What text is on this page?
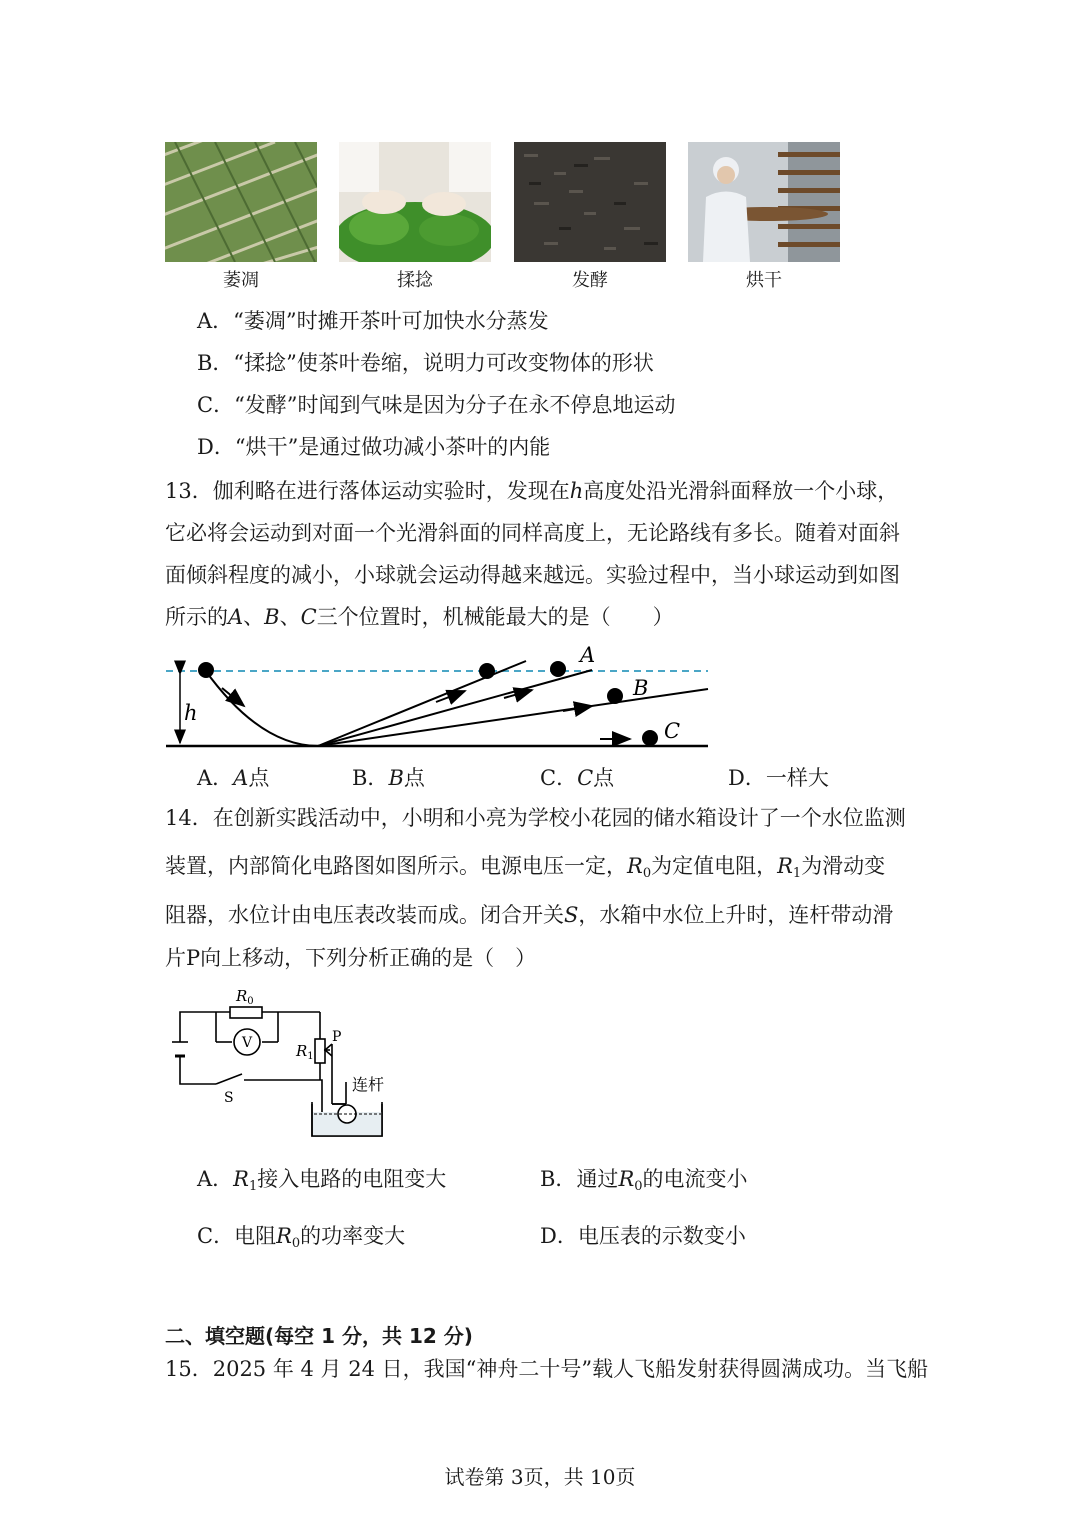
萎凋	揉捻	发酵	烘干
A．“萎凋”时摊开茶叶可加快水分蒸发
B．“揉捻”使茶叶卷缩，说明力可改变物体的形状
C．“发酵”时闻到气味是因为分子在永不停息地运动
D．“烘干”是通过做功减小茶叶的内能
13．伽利略在进行落体运动实验时，发现在h高度处沿光滑斜面释放一个小球，
它必将会运动到对面一个光滑斜面的同样高度上，无论路线有多长。随着对面斜
面倾斜程度的减小，小球就会运动得越来越远。实验过程中，当小球运动到如图
所示的A、B、C三个位置时，机械能最大的是（　　）
h
A
B
C
A．A点	B．B点	C．C点	D．一样大
14．在创新实践活动中，小明和小亮为学校小花园的储水箱设计了一个水位监测
装置，内部简化电路图如图所示。电源电压一定，$R_0$为定值电阻，$R_1$为滑动变
阻器，水位计由电压表改装而成。闭合开关S，水箱中水位上升时，连杆带动滑
片P向上移动，下列分析正确的是（　）
$R_0$
V	$R_1$
P
S
连杆
A．$R_1$接入电路的电阻变大	B．通过$R_0$的电流变小
C．电阻$R_0$的功率变大	D．电压表的示数变小
二、填空题(每空 1 分，共 12 分)
15．2025 年 4 月 24 日，我国“神舟二十号”载人飞船发射获得圆满成功。当飞船
试卷第 3页，共 10页
